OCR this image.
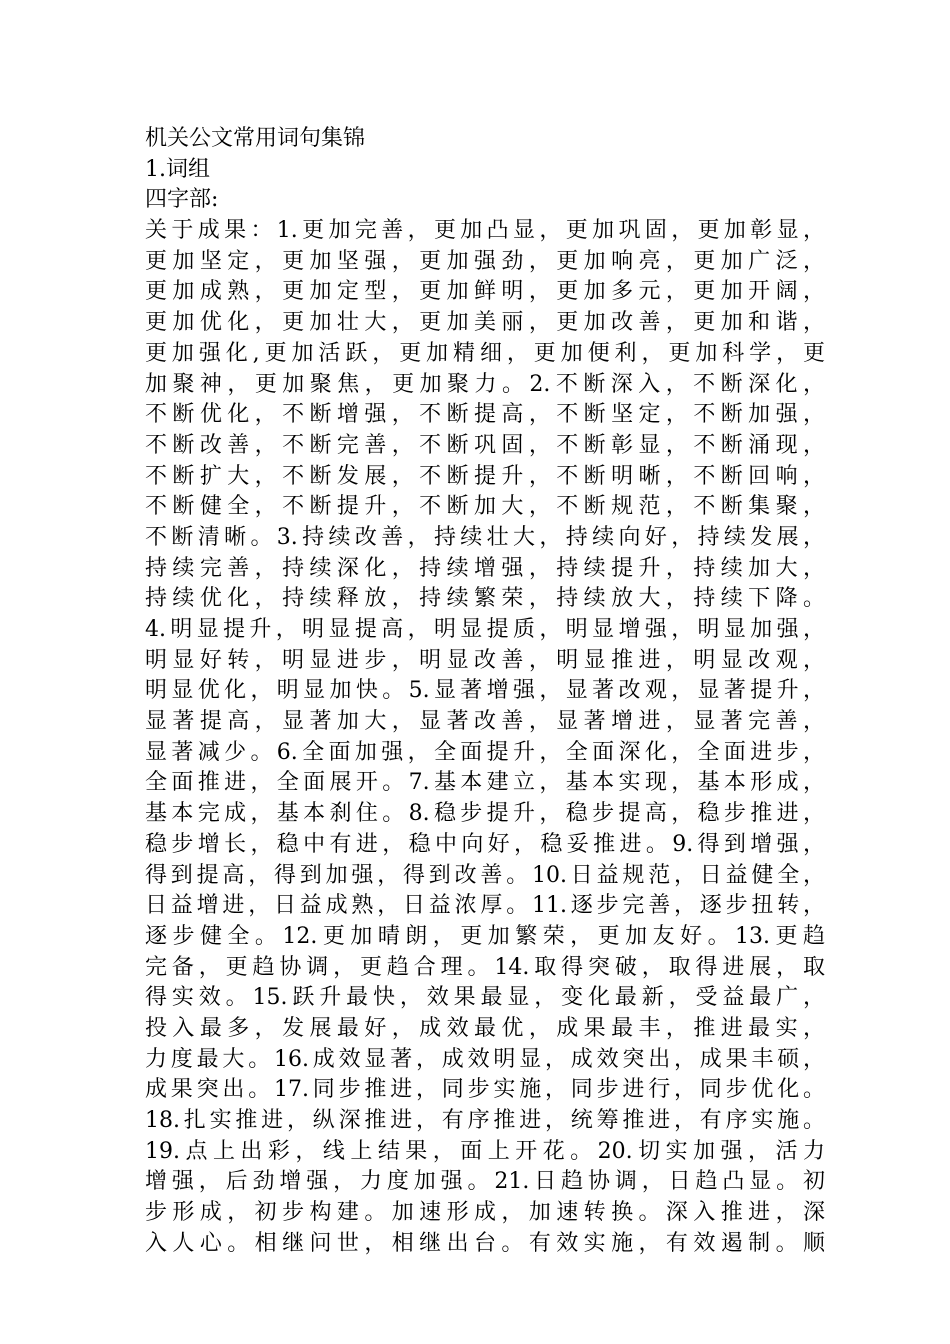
机关公文常用词句集锦
1.词组
四字部:
关于成果：1.更加完善，更加凸显，更加巩固，更加彰显，
更加坚定，更加坚强，更加强劲，更加响亮，更加广泛，
更加成熟，更加定型，更加鲜明，更加多元，更加开阔，
更加优化，更加壮大，更加美丽，更加改善，更加和谐，
更加强化,更加活跃，更加精细，更加便利，更加科学，更
加聚神，更加聚焦，更加聚力。2.不断深入，不断深化，
不断优化，不断增强，不断提高，不断坚定，不断加强，
不断改善，不断完善，不断巩固，不断彰显，不断涌现，
不断扩大，不断发展，不断提升，不断明晰，不断回响，
不断健全，不断提升，不断加大，不断规范，不断集聚，
不断清晰。3.持续改善，持续壮大，持续向好，持续发展，
持续完善，持续深化，持续增强，持续提升，持续加大，
持续优化，持续释放，持续繁荣，持续放大，持续下降。
4.明显提升，明显提高，明显提质，明显增强，明显加强，
明显好转，明显进步，明显改善，明显推进，明显改观，
明显优化，明显加快。5.显著增强，显著改观，显著提升，
显著提高，显著加大，显著改善，显著增进，显著完善，
显著减少。6.全面加强，全面提升，全面深化，全面进步，
全面推进，全面展开。7.基本建立，基本实现，基本形成，
基本完成，基本刹住。8.稳步提升，稳步提高，稳步推进，
稳步增长，稳中有进，稳中向好，稳妥推进。9.得到增强，
得到提高，得到加强，得到改善。10.日益规范，日益健全，
日益增进，日益成熟，日益浓厚。11.逐步完善，逐步扭转，
逐步健全。12.更加晴朗，更加繁荣，更加友好。13.更趋
完备，更趋协调，更趋合理。14.取得突破，取得进展，取
得实效。15.跃升最快，效果最显，变化最新，受益最广，
投入最多，发展最好，成效最优，成果最丰，推进最实，
力度最大。16.成效显著，成效明显，成效突出，成果丰硕，
成果突出。17.同步推进，同步实施，同步进行，同步优化。
18.扎实推进，纵深推进，有序推进，统筹推进，有序实施。
19.点上出彩，线上结果，面上开花。20.切实加强，活力
增强，后劲增强，力度加强。21.日趋协调，日趋凸显。初
步形成，初步构建。加速形成，加速转换。深入推进，深
入人心。相继问世，相继出台。有效实施，有效遏制。顺
